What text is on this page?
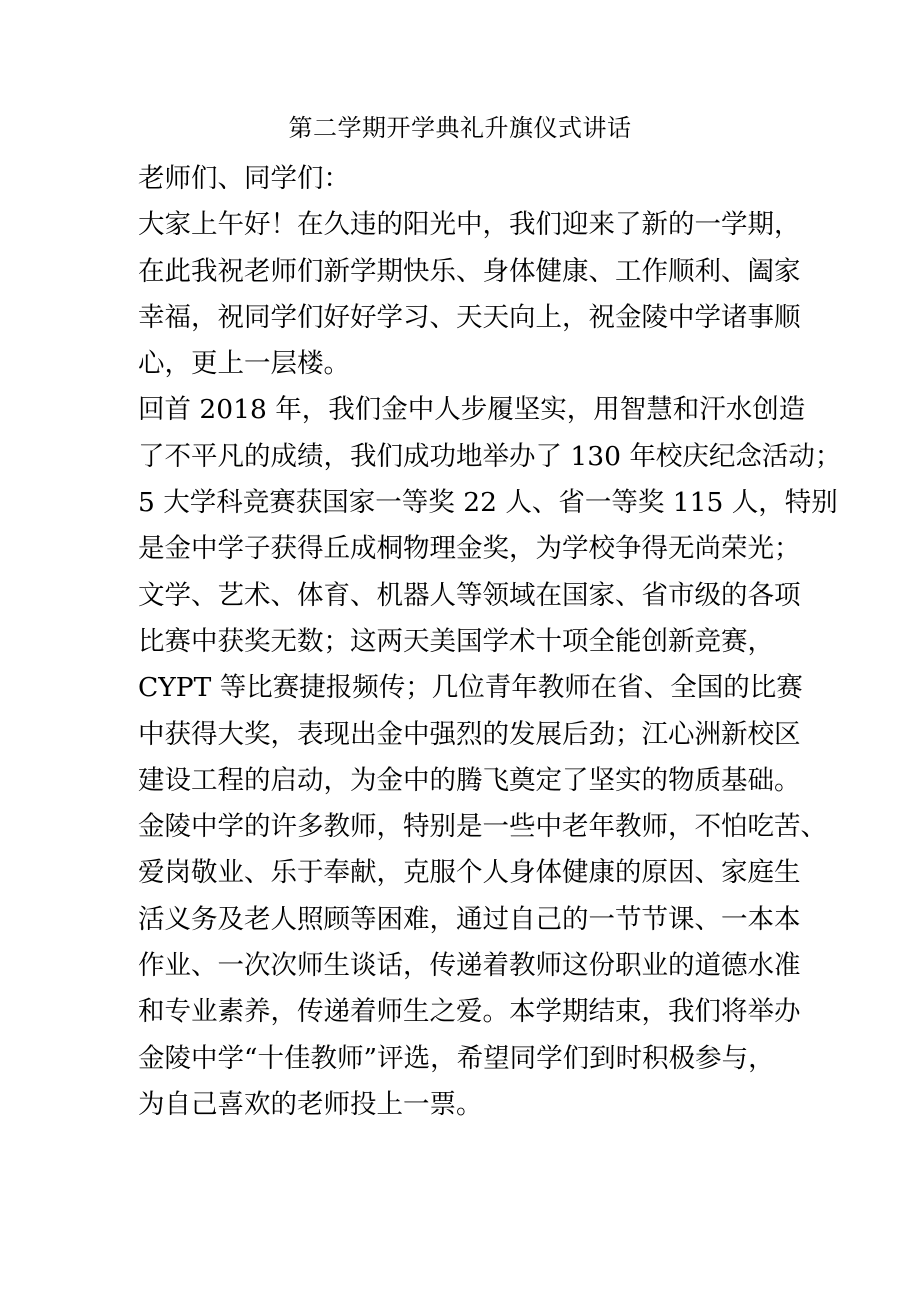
第二学期开学典礼升旗仪式讲话
老师们、同学们：
大家上午好！在久违的阳光中，我们迎来了新的一学期，
在此我祝老师们新学期快乐、身体健康、工作顺利、阖家
幸福，祝同学们好好学习、天天向上，祝金陵中学诸事顺
心，更上一层楼。
回首 2018 年，我们金中人步履坚实，用智慧和汗水创造
了不平凡的成绩，我们成功地举办了 130 年校庆纪念活动；
5 大学科竞赛获国家一等奖 22 人、省一等奖 115 人，特别
是金中学子获得丘成桐物理金奖，为学校争得无尚荣光；
文学、艺术、体育、机器人等领域在国家、省市级的各项
比赛中获奖无数；这两天美国学术十项全能创新竞赛，
CYPT 等比赛捷报频传；几位青年教师在省、全国的比赛
中获得大奖，表现出金中强烈的发展后劲；江心洲新校区
建设工程的启动，为金中的腾飞奠定了坚实的物质基础。
金陵中学的许多教师，特别是一些中老年教师，不怕吃苦、
爱岗敬业、乐于奉献，克服个人身体健康的原因、家庭生
活义务及老人照顾等困难，通过自己的一节节课、一本本
作业、一次次师生谈话，传递着教师这份职业的道德水准
和专业素养，传递着师生之爱。本学期结束，我们将举办
金陵中学“十佳教师”评选，希望同学们到时积极参与，
为自己喜欢的老师投上一票。
